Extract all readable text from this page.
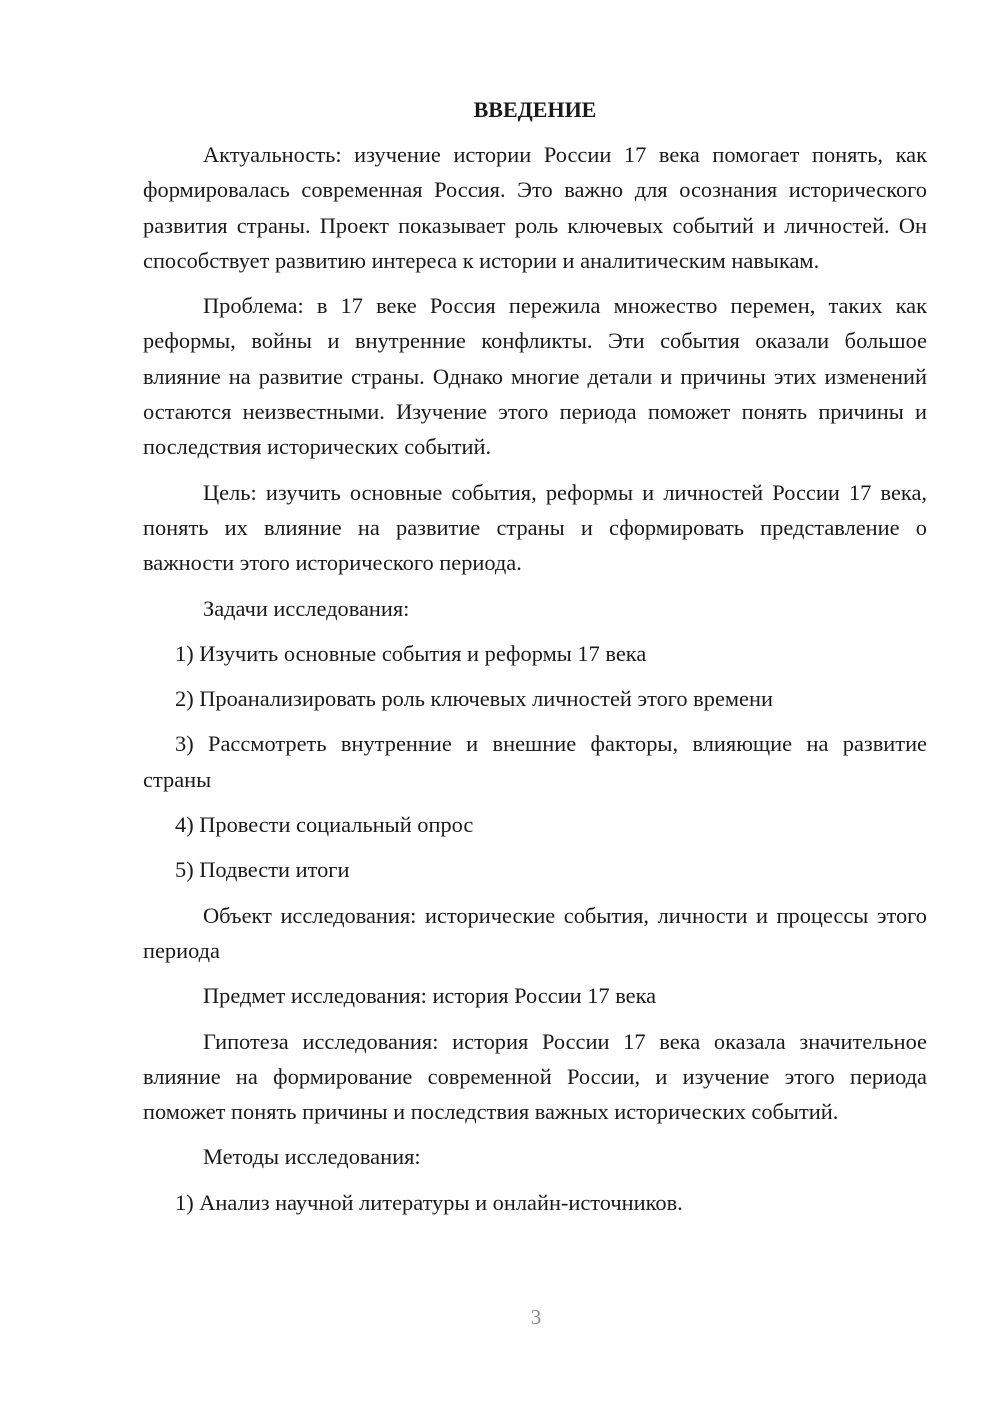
ВВЕДЕНИЕ

Актуальность: изучение истории России 17 века помогает понять, как формировалась современная Россия. Это важно для осознания исторического развития страны. Проект показывает роль ключевых событий и личностей. Он способствует развитию интереса к истории и аналитическим навыкам.

Проблема: в 17 веке Россия пережила множество перемен, таких как реформы, войны и внутренние конфликты. Эти события оказали большое влияние на развитие страны. Однако многие детали и причины этих изменений остаются неизвестными. Изучение этого периода поможет понять причины и последствия исторических событий.

Цель: изучить основные события, реформы и личностей России 17 века, понять их влияние на развитие страны и сформировать представление о важности этого исторического периода.

Задачи исследования:

1) Изучить основные события и реформы 17 века

2) Проанализировать роль ключевых личностей этого времени

3) Рассмотреть внутренние и внешние факторы, влияющие на развитие страны

4) Провести социальный опрос

5) Подвести итоги

Объект исследования: исторические события, личности и процессы этого периода

Предмет исследования: история России 17 века

Гипотеза исследования: история России 17 века оказала значительное влияние на формирование современной России, и изучение этого периода поможет понять причины и последствия важных исторических событий.

Методы исследования:

1) Анализ научной литературы и онлайн-источников.

3
